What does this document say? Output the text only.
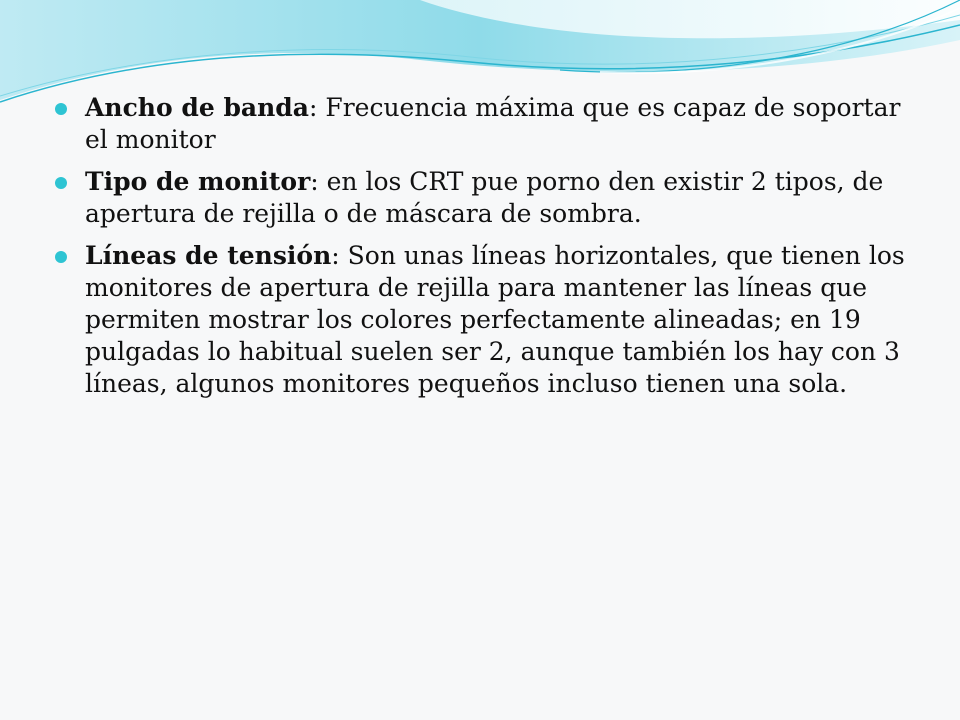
Ancho de banda: Frecuencia máxima que es capaz de soportar el monitor
Tipo de monitor: en los CRT pue porno den existir 2 tipos, de apertura de rejilla o de máscara de sombra.
Líneas de tensión: Son unas líneas horizontales, que tienen los monitores de apertura de rejilla para mantener las líneas que permiten mostrar los colores perfectamente alineadas; en 19 pulgadas lo habitual suelen ser 2, aunque también los hay con 3 líneas, algunos monitores pequeños incluso tienen una sola.
